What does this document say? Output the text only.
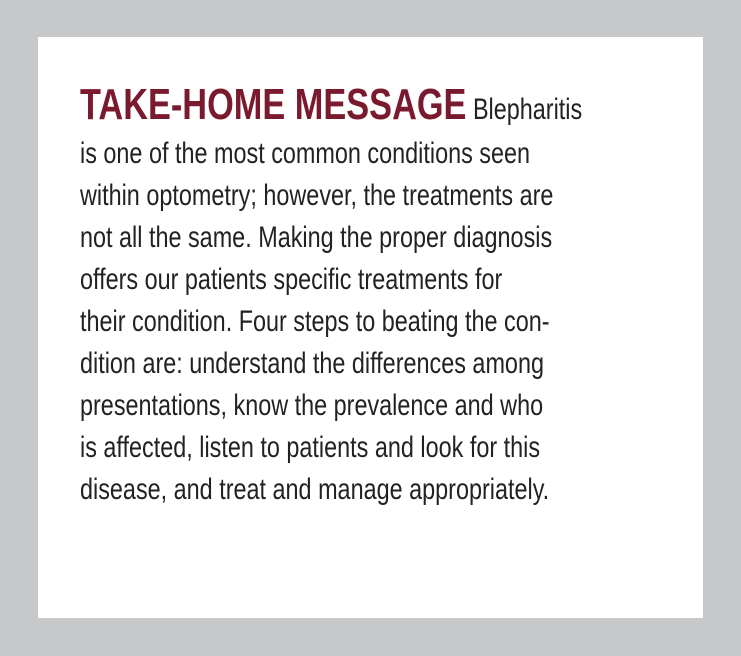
TAKE-HOME MESSAGE Blepharitis
is one of the most common conditions seen
within optometry; however, the treatments are
not all the same. Making the proper diagnosis
offers our patients specific treatments for
their condition. Four steps to beating the con-
dition are: understand the differences among
presentations, know the prevalence and who
is affected, listen to patients and look for this
disease, and treat and manage appropriately.
